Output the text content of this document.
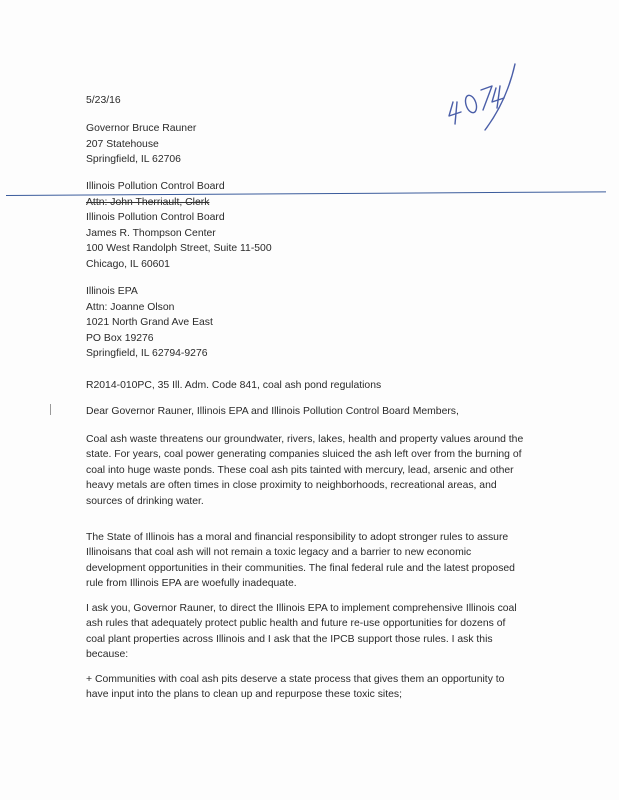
5/23/16
Governor Bruce Rauner
207 Statehouse
Springfield, IL 62706
Illinois Pollution Control Board
Attn: John Therriault, Clerk
Illinois Pollution Control Board
James R. Thompson Center
100 West Randolph Street, Suite 11-500
Chicago, IL 60601
Illinois EPA
Attn: Joanne Olson
1021 North Grand Ave East
PO Box 19276
Springfield, IL 62794-9276
R2014-010PC, 35 Ill. Adm. Code 841, coal ash pond regulations
Dear Governor Rauner, Illinois EPA and Illinois Pollution Control Board Members,
Coal ash waste threatens our groundwater, rivers, lakes, health and property values around the
state. For years, coal power generating companies sluiced the ash left over from the burning of
coal into huge waste ponds. These coal ash pits tainted with mercury, lead, arsenic and other
heavy metals are often times in close proximity to neighborhoods, recreational areas, and
sources of drinking water.
The State of Illinois has a moral and financial responsibility to adopt stronger rules to assure
Illinoisans that coal ash will not remain a toxic legacy and a barrier to new economic
development opportunities in their communities. The final federal rule and the latest proposed
rule from Illinois EPA are woefully inadequate.
I ask you, Governor Rauner, to direct the Illinois EPA to implement comprehensive Illinois coal
ash rules that adequately protect public health and future re-use opportunities for dozens of
coal plant properties across Illinois and I ask that the IPCB support those rules. I ask this
because:
+ Communities with coal ash pits deserve a state process that gives them an opportunity to
have input into the plans to clean up and repurpose these toxic sites;
